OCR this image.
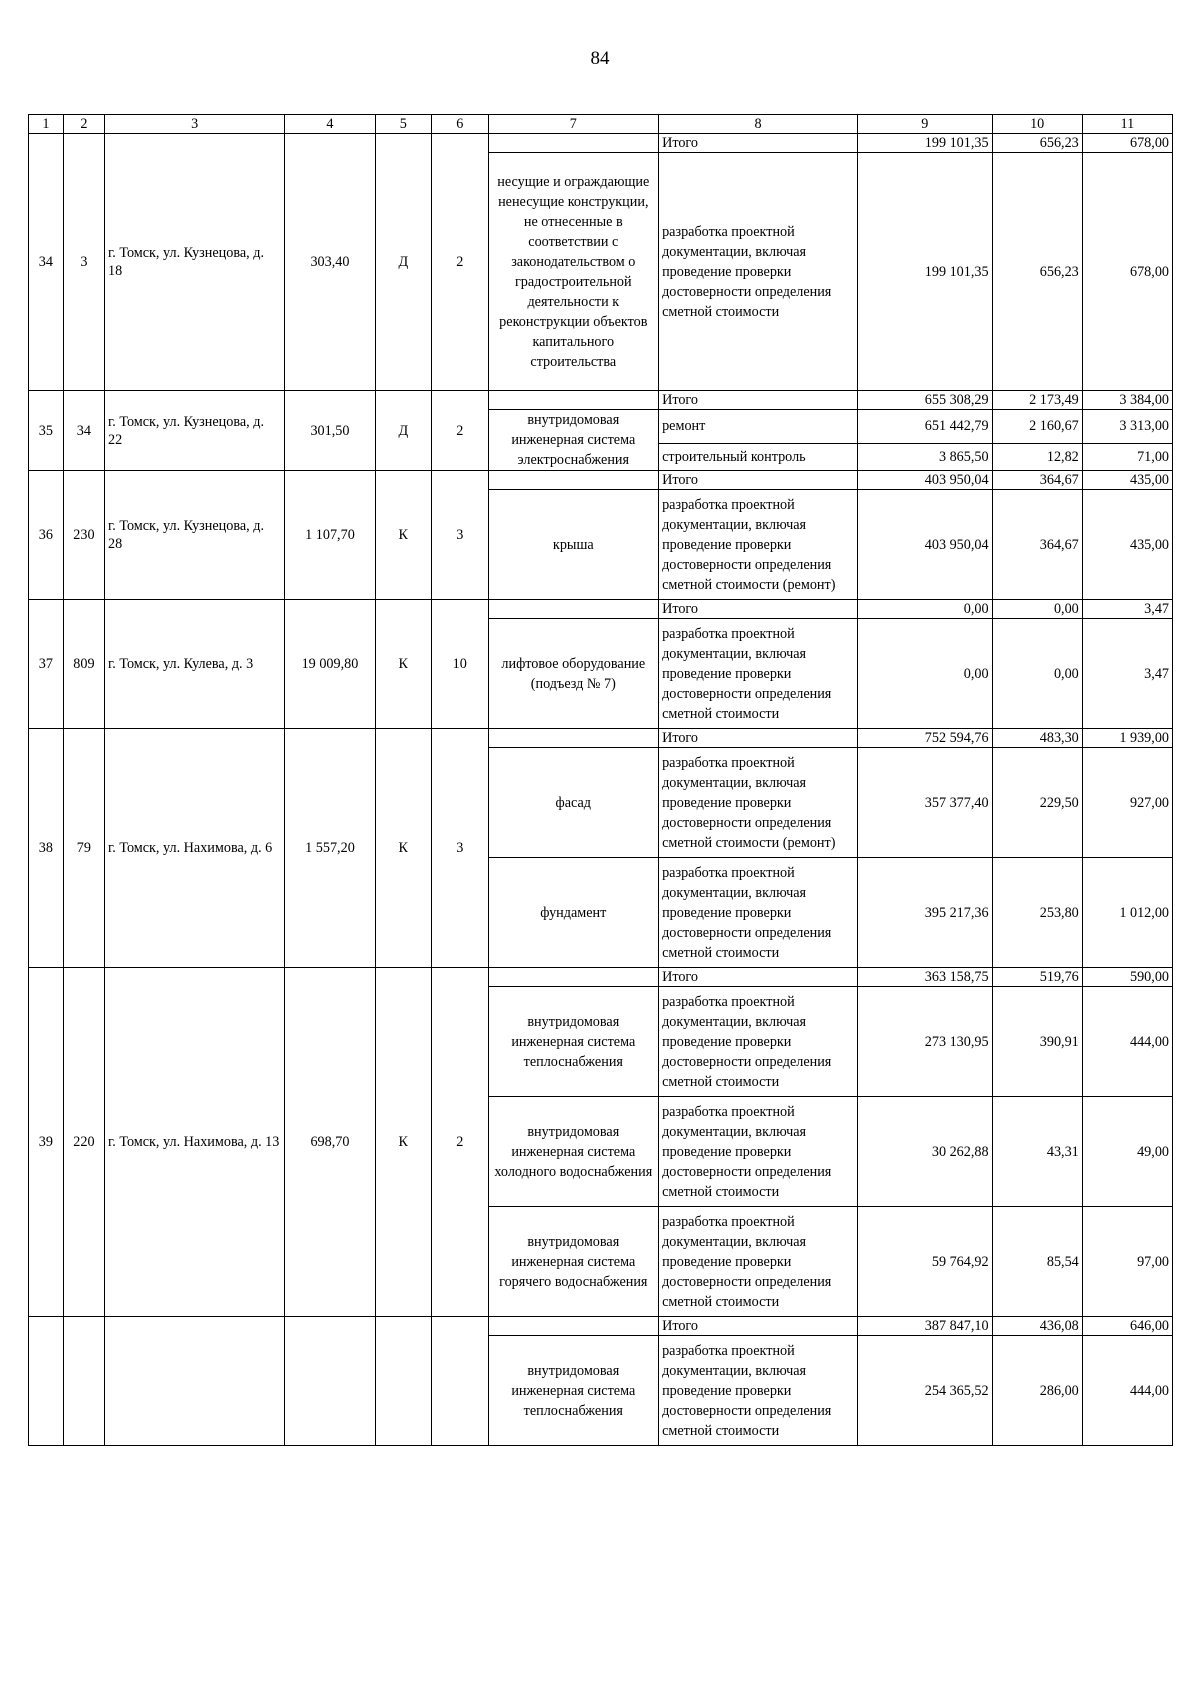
84
1	2	3	4	5	6	7	8	9	10	11
34	3	г. Томск, ул. Кузнецова, д. 18	303,40	Д	2		Итого	199 101,35	656,23	678,00
						несущие и ограждающие ненесущие конструкции, не отнесенные в соответствии с законодательством о градостроительной деятельности к реконструкции объектов капитального строительства	разработка проектной документации, включая проведение проверки достоверности определения сметной стоимости	199 101,35	656,23	678,00
35	34	г. Томск, ул. Кузнецова, д. 22	301,50	Д	2		Итого	655 308,29	2 173,49	3 384,00
						внутридомовая инженерная система электроснабжения	ремонт	651 442,79	2 160,67	3 313,00
							строительный контроль	3 865,50	12,82	71,00
36	230	г. Томск, ул. Кузнецова, д. 28	1 107,70	К	3		Итого	403 950,04	364,67	435,00
						крыша	разработка проектной документации, включая проведение проверки достоверности определения сметной стоимости (ремонт)	403 950,04	364,67	435,00
37	809	г. Томск, ул. Кулева, д. 3	19 009,80	К	10		Итого	0,00	0,00	3,47
						лифтовое оборудование (подъезд № 7)	разработка проектной документации, включая проведение проверки достоверности определения сметной стоимости	0,00	0,00	3,47
38	79	г. Томск, ул. Нахимова, д. 6	1 557,20	К	3		Итого	752 594,76	483,30	1 939,00
						фасад	разработка проектной документации, включая проведение проверки достоверности определения сметной стоимости (ремонт)	357 377,40	229,50	927,00
						фундамент	разработка проектной документации, включая проведение проверки достоверности определения сметной стоимости	395 217,36	253,80	1 012,00
39	220	г. Томск, ул. Нахимова, д. 13	698,70	К	2		Итого	363 158,75	519,76	590,00
						внутридомовая инженерная система теплоснабжения	разработка проектной документации, включая проведение проверки достоверности определения сметной стоимости	273 130,95	390,91	444,00
						внутридомовая инженерная система холодного водоснабжения	разработка проектной документации, включая проведение проверки достоверности определения сметной стоимости	30 262,88	43,31	49,00
						внутридомовая инженерная система горячего водоснабжения	разработка проектной документации, включая проведение проверки достоверности определения сметной стоимости	59 764,92	85,54	97,00
							Итого	387 847,10	436,08	646,00
						внутридомовая инженерная система теплоснабжения	разработка проектной документации, включая проведение проверки достоверности определения сметной стоимости	254 365,52	286,00	444,00
